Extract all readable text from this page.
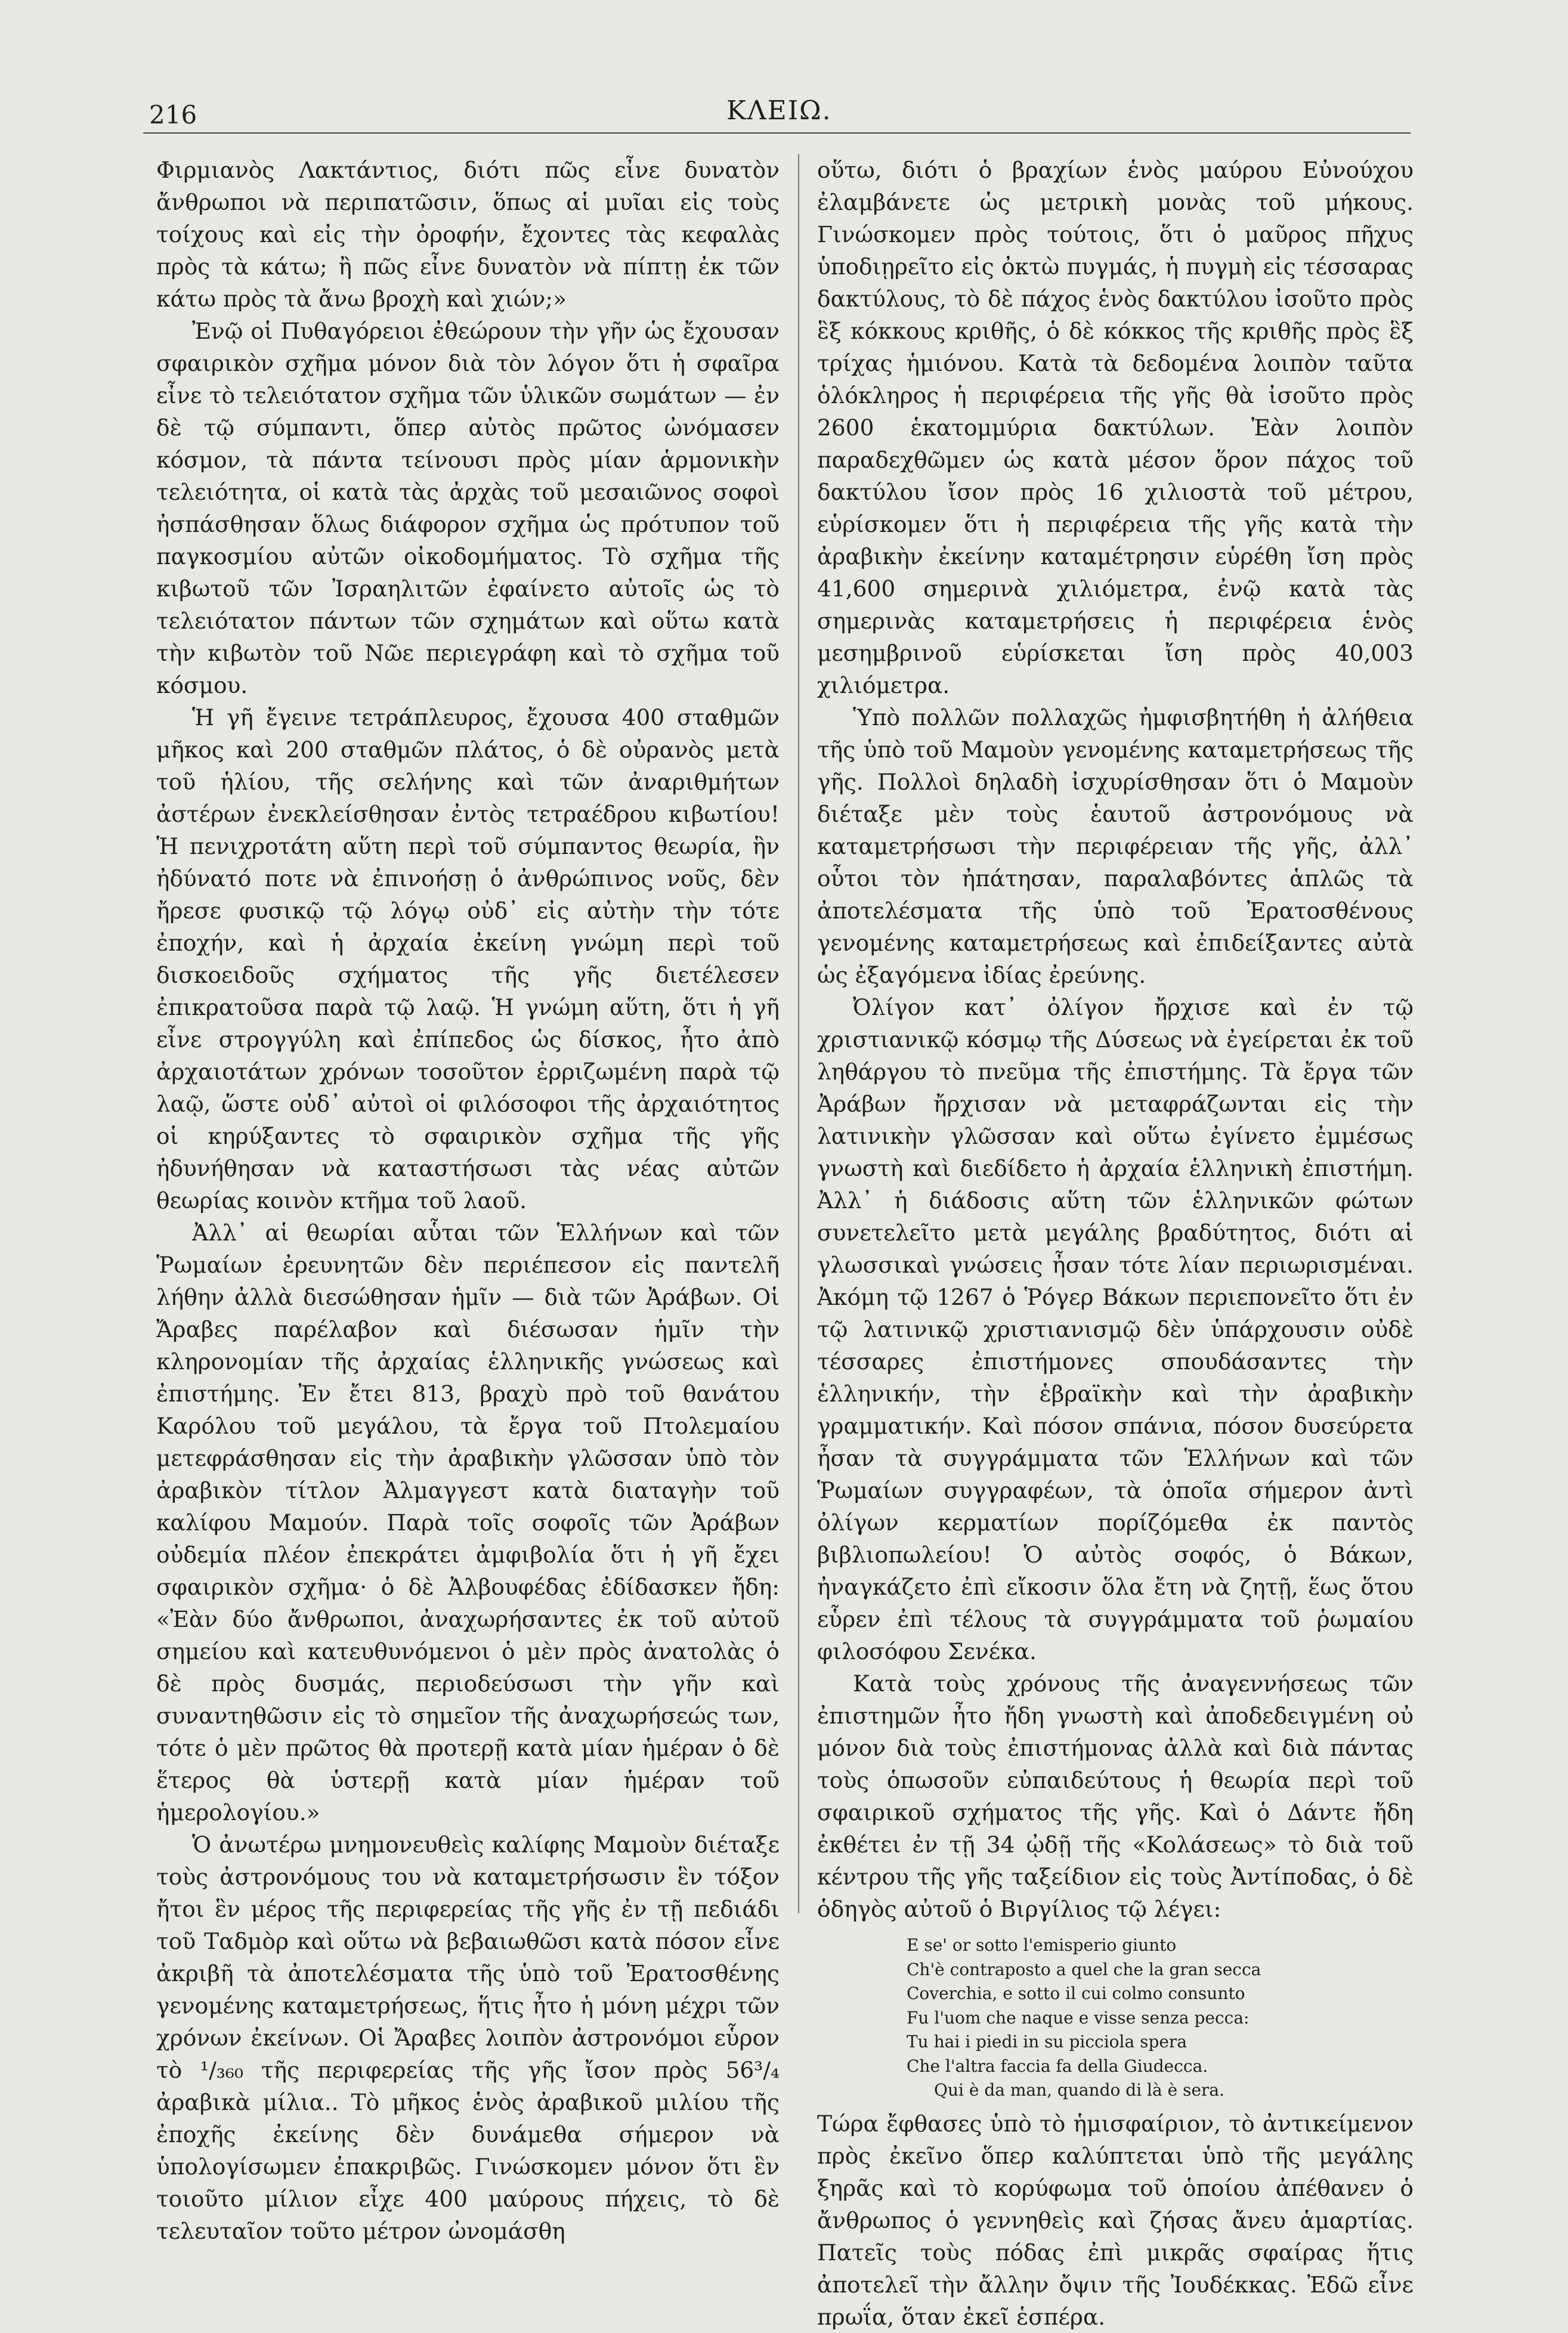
216	ΚΛΕΙΩ.

Φιρμιανὸς Λακτάντιος, διότι πῶς εἶνε δυνατὸν ἄνθρωποι νὰ περιπατῶσιν, ὅπως αἱ μυῖαι εἰς τοὺς τοίχους καὶ εἰς τὴν ὀροφήν, ἔχοντες τὰς κεφαλὰς πρὸς τὰ κάτω; ἢ πῶς εἶνε δυνατὸν νὰ πίπτῃ ἐκ τῶν κάτω πρὸς τὰ ἄνω βροχὴ καὶ χιών;»

Ἐνῷ οἱ Πυθαγόρειοι ἐθεώρουν τὴν γῆν ὡς ἔχουσαν σφαιρικὸν σχῆμα μόνον διὰ τὸν λόγον ὅτι ἡ σφαῖρα εἶνε τὸ τελειότατον σχῆμα τῶν ὑλικῶν σωμάτων — ἐν δὲ τῷ σύμπαντι, ὅπερ αὐτὸς πρῶτος ὠνόμασεν κόσμον, τὰ πάντα τείνουσι πρὸς μίαν ἁρμονικὴν τελειότητα, οἱ κατὰ τὰς ἀρχὰς τοῦ μεσαιῶνος σοφοὶ ἠσπάσθησαν ὅλως διάφορον σχῆμα ὡς πρότυπον τοῦ παγκοσμίου αὐτῶν οἰκοδομήματος. Τὸ σχῆμα τῆς κιβωτοῦ τῶν Ἰσραηλιτῶν ἐφαίνετο αὐτοῖς ὡς τὸ τελειότατον πάντων τῶν σχημάτων καὶ οὕτω κατὰ τὴν κιβωτὸν τοῦ Νῶε περιεγράφη καὶ τὸ σχῆμα τοῦ κόσμου.

Ἡ γῆ ἔγεινε τετράπλευρος, ἔχουσα 400 σταθμῶν μῆκος καὶ 200 σταθμῶν πλάτος, ὁ δὲ οὐρανὸς μετὰ τοῦ ἡλίου, τῆς σελήνης καὶ τῶν ἀναριθμήτων ἀστέρων ἐνεκλείσθησαν ἐντὸς τετραέδρου κιβωτίου! Ἡ πενιχροτάτη αὕτη περὶ τοῦ σύμπαντος θεωρία, ἣν ἠδύνατό ποτε νὰ ἐπινοήσῃ ὁ ἀνθρώπινος νοῦς, δὲν ἤρεσε φυσικῷ τῷ λόγῳ οὐδ᾽ εἰς αὐτὴν τὴν τότε ἐποχήν, καὶ ἡ ἀρχαία ἐκείνη γνώμη περὶ τοῦ δισκοειδοῦς σχήματος τῆς γῆς διετέλεσεν ἐπικρατοῦσα παρὰ τῷ λαῷ. Ἡ γνώμη αὕτη, ὅτι ἡ γῆ εἶνε στρογγύλη καὶ ἐπίπεδος ὡς δίσκος, ἦτο ἀπὸ ἀρχαιοτάτων χρόνων τοσοῦτον ἐρριζωμένη παρὰ τῷ λαῷ, ὥστε οὐδ᾽ αὐτοὶ οἱ φιλόσοφοι τῆς ἀρχαιότητος οἱ κηρύξαντες τὸ σφαιρικὸν σχῆμα τῆς γῆς ἠδυνήθησαν νὰ καταστήσωσι τὰς νέας αὐτῶν θεωρίας κοινὸν κτῆμα τοῦ λαοῦ.

Ἀλλ᾽ αἱ θεωρίαι αὗται τῶν Ἑλλήνων καὶ τῶν Ῥωμαίων ἐρευνητῶν δὲν περιέπεσον εἰς παντελῆ λήθην ἀλλὰ διεσώθησαν ἡμῖν — διὰ τῶν Ἀράβων. Οἱ Ἄραβες παρέλαβον καὶ διέσωσαν ἡμῖν τὴν κληρονομίαν τῆς ἀρχαίας ἑλληνικῆς γνώσεως καὶ ἐπιστήμης. Ἐν ἔτει 813, βραχὺ πρὸ τοῦ θανάτου Καρόλου τοῦ μεγάλου, τὰ ἔργα τοῦ Πτολεμαίου μετεφράσθησαν εἰς τὴν ἀραβικὴν γλῶσσαν ὑπὸ τὸν ἀραβικὸν τίτλον Ἀλμαγγεστ κατὰ διαταγὴν τοῦ καλίφου Μαμούν. Παρὰ τοῖς σοφοῖς τῶν Ἀράβων οὐδεμία πλέον ἐπεκράτει ἀμφιβολία ὅτι ἡ γῆ ἔχει σφαιρικὸν σχῆμα· ὁ δὲ Ἀλβουφέδας ἐδίδασκεν ἤδη: «Ἐὰν δύο ἄνθρωποι, ἀναχωρήσαντες ἐκ τοῦ αὐτοῦ σημείου καὶ κατευθυνόμενοι ὁ μὲν πρὸς ἀνατολὰς ὁ δὲ πρὸς δυσμάς, περιοδεύσωσι τὴν γῆν καὶ συναντηθῶσιν εἰς τὸ σημεῖον τῆς ἀναχωρήσεώς των, τότε ὁ μὲν πρῶτος θὰ προτερῇ κατὰ μίαν ἡμέραν ὁ δὲ ἕτερος θὰ ὑστερῇ κατὰ μίαν ἡμέραν τοῦ ἡμερολογίου.»

Ὁ ἀνωτέρω μνημονευθεὶς καλίφης Μαμοὺν διέταξε τοὺς ἀστρονόμους του νὰ καταμετρήσωσιν ἓν τόξον ἤτοι ἓν μέρος τῆς περιφερείας τῆς γῆς ἐν τῇ πεδιάδι τοῦ Ταδμὸρ καὶ οὕτω νὰ βεβαιωθῶσι κατὰ πόσον εἶνε ἀκριβῆ τὰ ἀποτελέσματα τῆς ὑπὸ τοῦ Ἐρατοσθένης γενομένης καταμετρήσεως, ἥτις ἦτο ἡ μόνη μέχρι τῶν χρόνων ἐκείνων. Οἱ Ἄραβες λοιπὸν ἀστρονόμοι εὗρον τὸ ¹/₃₆₀ τῆς περιφερείας τῆς γῆς ἴσον πρὸς 56³/₄ ἀραβικὰ μίλια.. Τὸ μῆκος ἑνὸς ἀραβικοῦ μιλίου τῆς ἐποχῆς ἐκείνης δὲν δυνάμεθα σήμερον νὰ ὑπολογίσωμεν ἐπακριβῶς. Γινώσκομεν μόνον ὅτι ἓν τοιοῦτο μίλιον εἶχε 400 μαύρους πήχεις, τὸ δὲ τελευταῖον τοῦτο μέτρον ὠνομάσθη

οὕτω, διότι ὁ βραχίων ἑνὸς μαύρου Εὐνούχου ἐλαμβάνετε ὡς μετρικὴ μονὰς τοῦ μήκους. Γινώσκομεν πρὸς τούτοις, ὅτι ὁ μαῦρος πῆχυς ὑποδιῃρεῖτο εἰς ὀκτὼ πυγμάς, ἡ πυγμὴ εἰς τέσσαρας δακτύλους, τὸ δὲ πάχος ἑνὸς δακτύλου ἰσοῦτο πρὸς ἓξ κόκκους κριθῆς, ὁ δὲ κόκκος τῆς κριθῆς πρὸς ἓξ τρίχας ἡμιόνου. Κατὰ τὰ δεδομένα λοιπὸν ταῦτα ὁλόκληρος ἡ περιφέρεια τῆς γῆς θὰ ἰσοῦτο πρὸς 2600 ἑκατομμύρια δακτύλων. Ἐὰν λοιπὸν παραδεχθῶμεν ὡς κατὰ μέσον ὅρον πάχος τοῦ δακτύλου ἴσον πρὸς 16 χιλιοστὰ τοῦ μέτρου, εὑρίσκομεν ὅτι ἡ περιφέρεια τῆς γῆς κατὰ τὴν ἀραβικὴν ἐκείνην καταμέτρησιν εὑρέθη ἴση πρὸς 41,600 σημερινὰ χιλιόμετρα, ἐνῷ κατὰ τὰς σημερινὰς καταμετρήσεις ἡ περιφέρεια ἑνὸς μεσημβρινοῦ εὑρίσκεται ἴση πρὸς 40,003 χιλιόμετρα.

Ὑπὸ πολλῶν πολλαχῶς ἠμφισβητήθη ἡ ἀλήθεια τῆς ὑπὸ τοῦ Μαμοὺν γενομένης καταμετρήσεως τῆς γῆς. Πολλοὶ δηλαδὴ ἰσχυρίσθησαν ὅτι ὁ Μαμοὺν διέταξε μὲν τοὺς ἑαυτοῦ ἀστρονόμους νὰ καταμετρήσωσι τὴν περιφέρειαν τῆς γῆς, ἀλλ᾽ οὗτοι τὸν ἠπάτησαν, παραλαβόντες ἁπλῶς τὰ ἀποτελέσματα τῆς ὑπὸ τοῦ Ἐρατοσθένους γενομένης καταμετρήσεως καὶ ἐπιδείξαντες αὐτὰ ὡς ἐξαγόμενα ἰδίας ἐρεύνης.

Ὀλίγον κατ᾽ ὀλίγον ἤρχισε καὶ ἐν τῷ χριστιανικῷ κόσμῳ τῆς Δύσεως νὰ ἐγείρεται ἐκ τοῦ ληθάργου τὸ πνεῦμα τῆς ἐπιστήμης. Τὰ ἔργα τῶν Ἀράβων ἤρχισαν νὰ μεταφράζωνται εἰς τὴν λατινικὴν γλῶσσαν καὶ οὕτω ἐγίνετο ἐμμέσως γνωστὴ καὶ διεδίδετο ἡ ἀρχαία ἑλληνικὴ ἐπιστήμη. Ἀλλ᾽ ἡ διάδοσις αὕτη τῶν ἑλληνικῶν φώτων συνετελεῖτο μετὰ μεγάλης βραδύτητος, διότι αἱ γλωσσικαὶ γνώσεις ἦσαν τότε λίαν περιωρισμέναι. Ἀκόμη τῷ 1267 ὁ Ῥόγερ Βάκων περιεπονεῖτο ὅτι ἐν τῷ λατινικῷ χριστιανισμῷ δὲν ὑπάρχουσιν οὐδὲ τέσσαρες ἐπιστήμονες σπουδάσαντες τὴν ἑλληνικήν, τὴν ἑβραϊκὴν καὶ τὴν ἀραβικὴν γραμματικήν. Καὶ πόσον σπάνια, πόσον δυσεύρετα ἦσαν τὰ συγγράμματα τῶν Ἑλλήνων καὶ τῶν Ῥωμαίων συγγραφέων, τὰ ὁποῖα σήμερον ἀντὶ ὀλίγων κερματίων πορίζόμεθα ἐκ παντὸς βιβλιοπωλείου! Ὁ αὐτὸς σοφός, ὁ Βάκων, ἠναγκάζετο ἐπὶ εἴκοσιν ὅλα ἔτη νὰ ζητῇ, ἕως ὅτου εὗρεν ἐπὶ τέλους τὰ συγγράμματα τοῦ ῥωμαίου φιλοσόφου Σενέκα.

Κατὰ τοὺς χρόνους τῆς ἀναγεννήσεως τῶν ἐπιστημῶν ἦτο ἤδη γνωστὴ καὶ ἀποδεδειγμένη οὐ μόνον διὰ τοὺς ἐπιστήμονας ἀλλὰ καὶ διὰ πάντας τοὺς ὁπωσοῦν εὐπαιδεύτους ἡ θεωρία περὶ τοῦ σφαιρικοῦ σχήματος τῆς γῆς. Καὶ ὁ Δάντε ἤδη ἐκθέτει ἐν τῇ 34 ᾠδῇ τῆς «Κολάσεως» τὸ διὰ τοῦ κέντρου τῆς γῆς ταξείδιον εἰς τοὺς Ἀντίποδας, ὁ δὲ ὁδηγὸς αὐτοῦ ὁ Βιργίλιος τῷ λέγει:

E se' or sotto l'emisperio giunto
Ch'è contraposto a quel che la gran secca
Coverchia, e sotto il cui colmo consunto
Fu l'uom che naque e visse senza pecca:
Tu hai i piedi in su picciola spera
Che l'altra faccia fa della Giudecca.
Qui è da man, quando di là è sera.

Τώρα ἔφθασες ὑπὸ τὸ ἡμισφαίριον, τὸ ἀντικείμενον πρὸς ἐκεῖνο ὅπερ καλύπτεται ὑπὸ τῆς μεγάλης ξηρᾶς καὶ τὸ κορύφωμα τοῦ ὁποίου ἀπέθανεν ὁ ἄνθρωπος ὁ γεννηθεὶς καὶ ζήσας ἄνευ ἁμαρτίας. Πατεῖς τοὺς πόδας ἐπὶ μικρᾶς σφαίρας ἥτις ἀποτελεῖ τὴν ἄλλην ὄψιν τῆς Ἰουδέκκας. Ἐδῶ εἶνε πρωΐα, ὅταν ἐκεῖ ἑσπέρα.
